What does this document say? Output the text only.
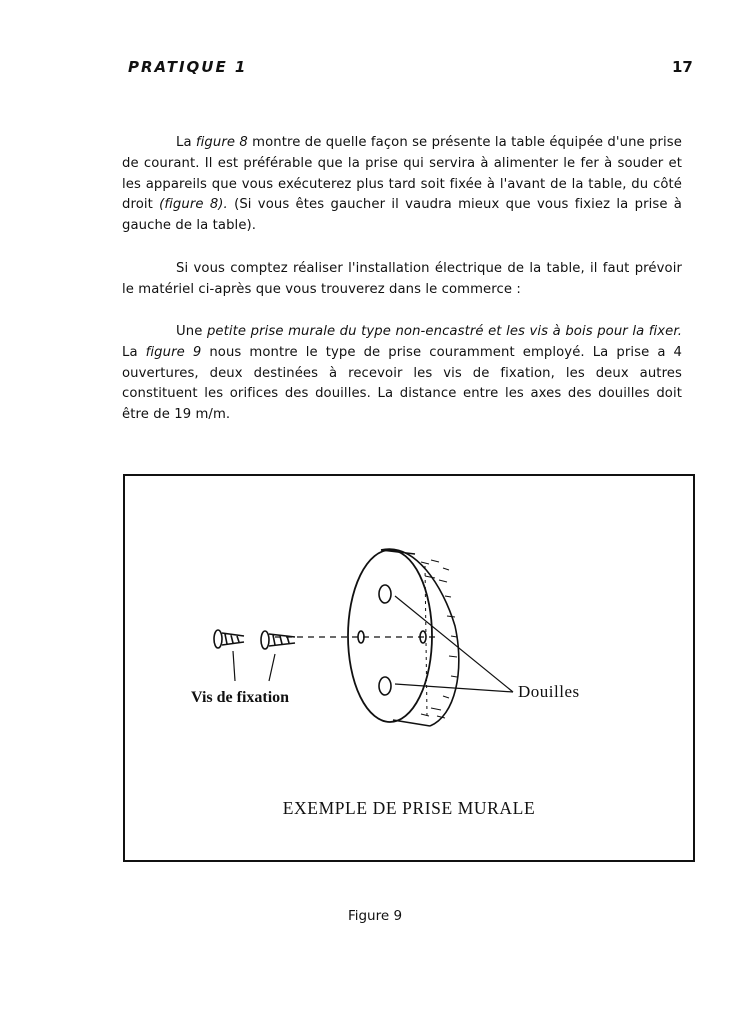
PRATIQUE 1	17

La figure 8 montre de quelle façon se présente la table équipée d'une prise de courant. Il est préférable que la prise qui servira à alimenter le fer à souder et les appareils que vous exécuterez plus tard soit fixée à l'avant de la table, du côté droit (figure 8). (Si vous êtes gaucher il vaudra mieux que vous fixiez la prise à gauche de la table).

Si vous comptez réaliser l'installation électrique de la table, il faut prévoir le matériel ci-après que vous trouverez dans le commerce :

Une petite prise murale du type non-encastré et les vis à bois pour la fixer. La figure 9 nous montre le type de prise couramment employé. La prise a 4 ouvertures, deux destinées à recevoir les vis de fixation, les deux autres constituent les orifices des douilles. La distance entre les axes des douilles doit être de 19 m/m.

Vis de fixation	Douilles
EXEMPLE DE PRISE MURALE
Figure 9
